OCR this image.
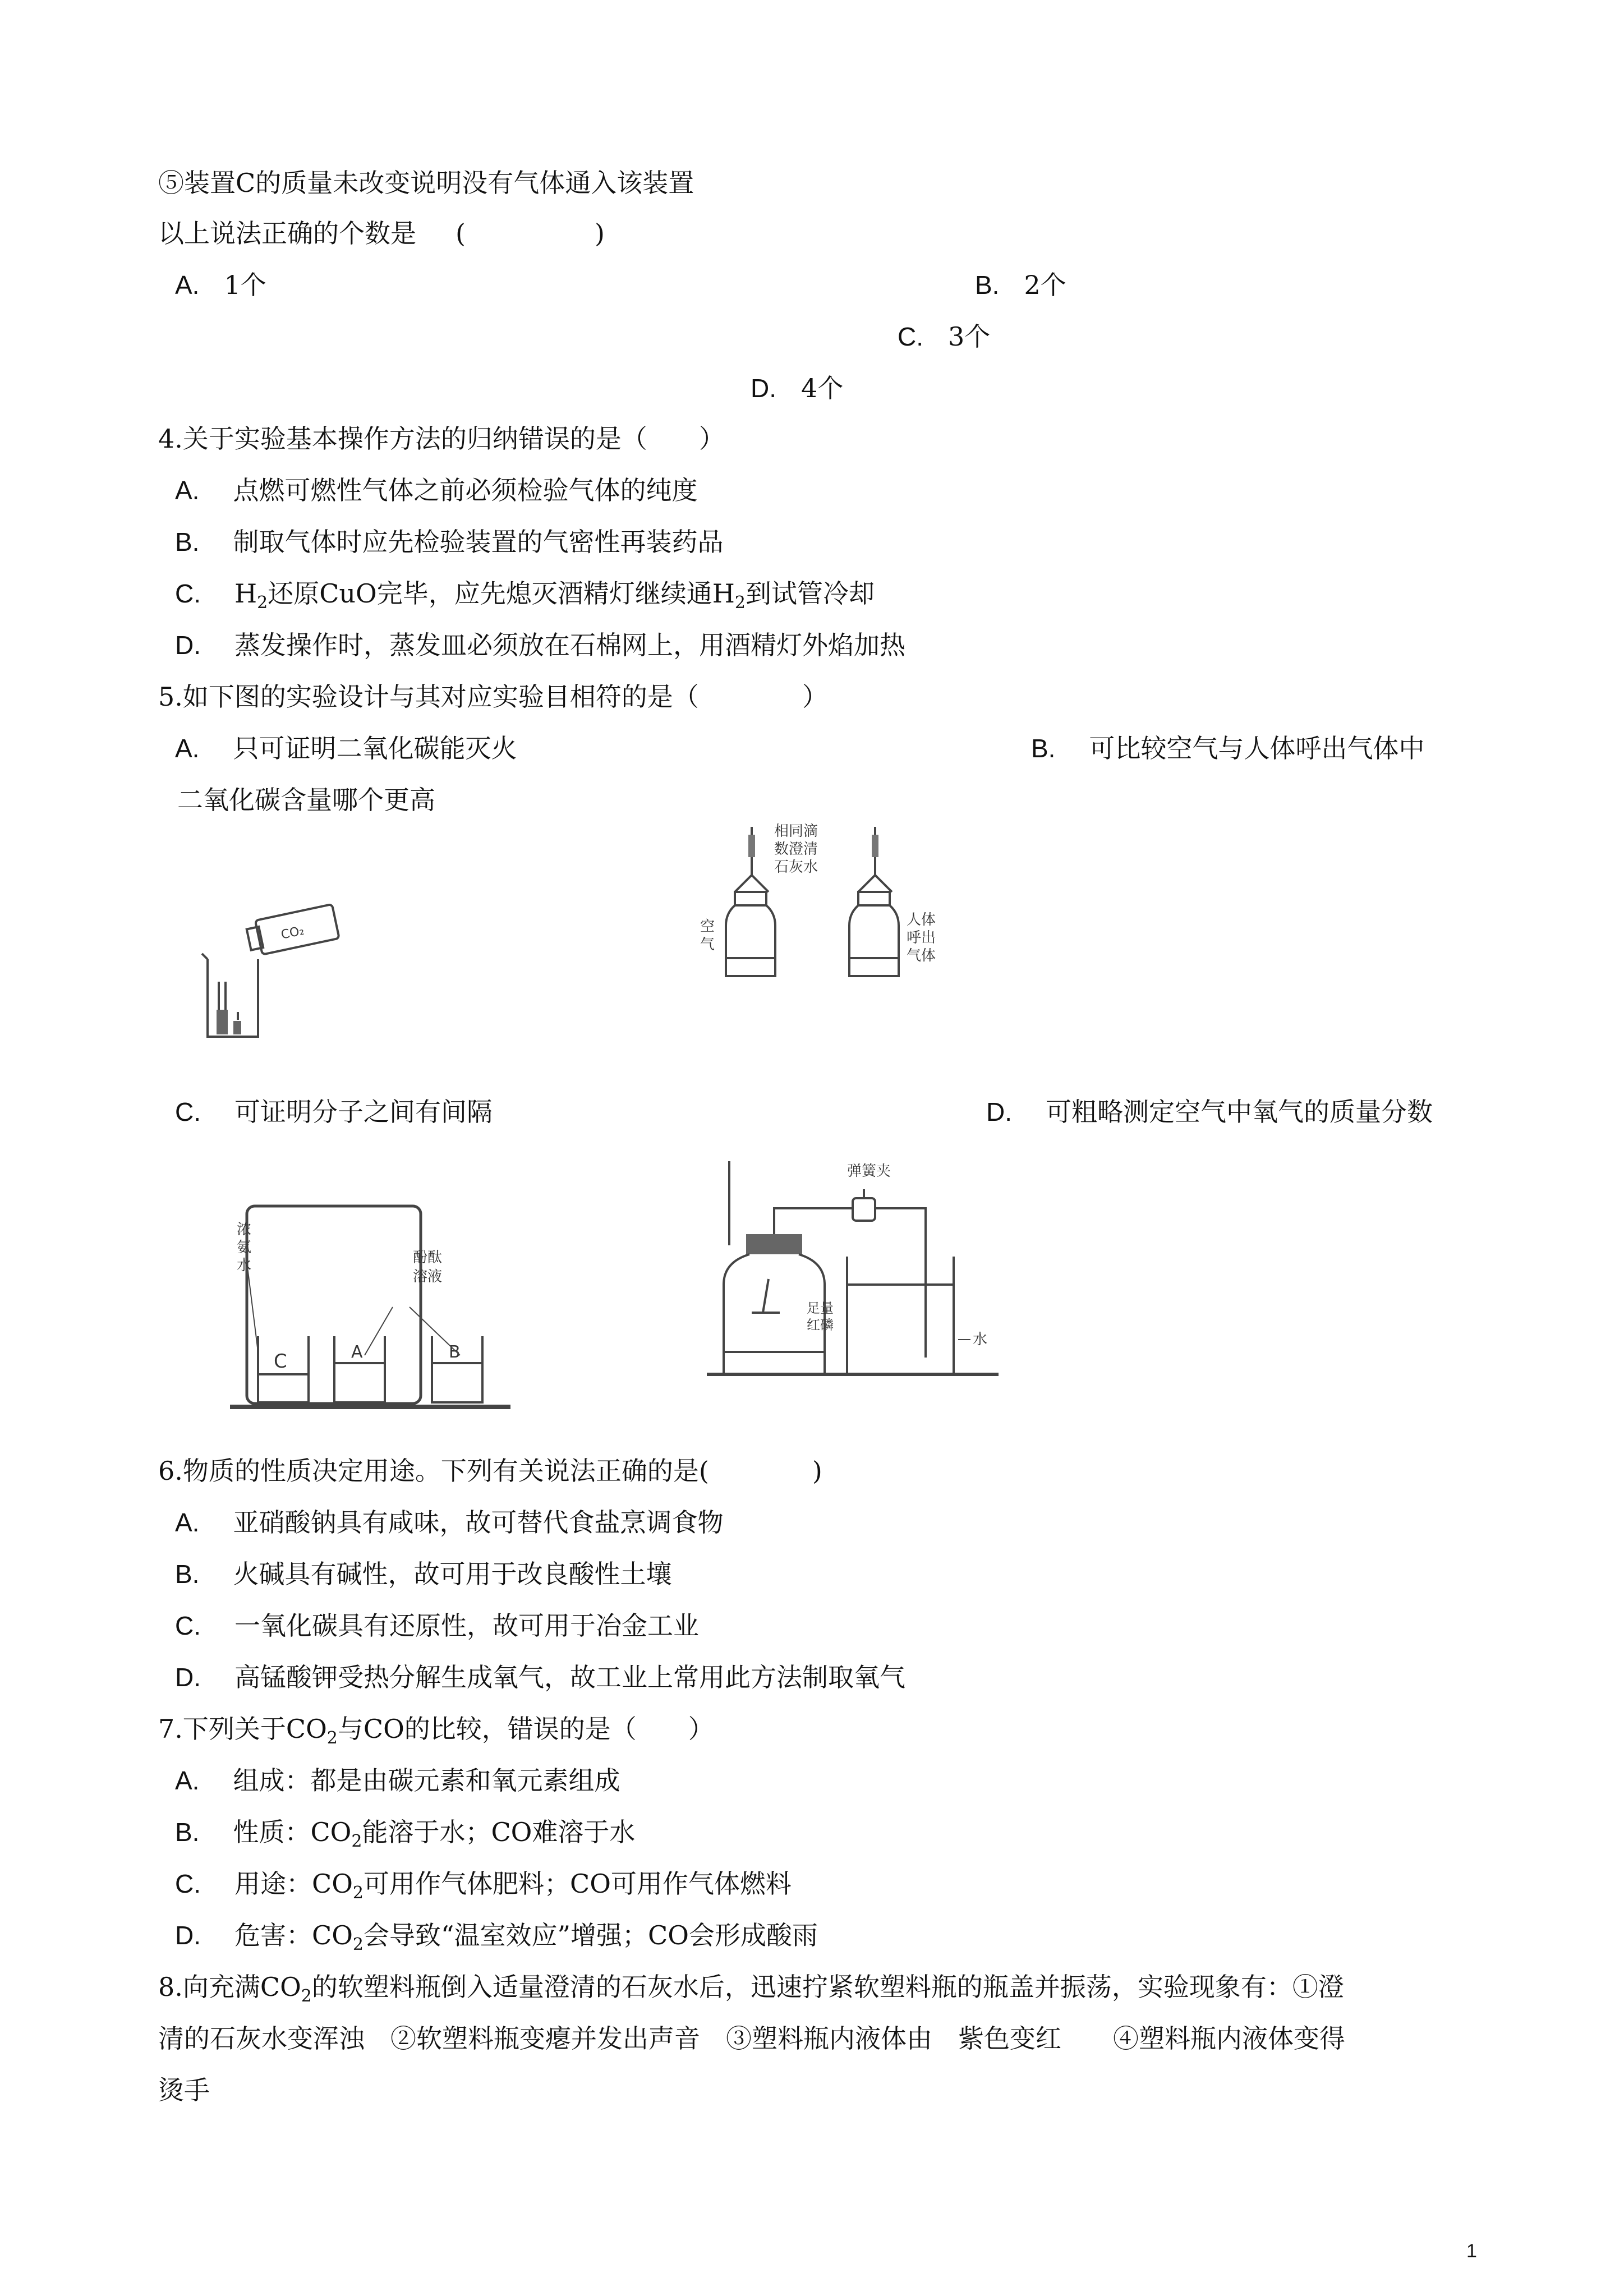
⑤装置C的质量未改变说明没有气体通入该装置
以上说法正确的个数是 (　　　　　)
A. 1个	B. 2个
C. 3个
D. 4个
4.关于实验基本操作方法的归纳错误的是（　　）
A. 点燃可燃性气体之前必须检验气体的纯度
B. 制取气体时应先检验装置的气密性再装药品
C. $H_2$还原CuO完毕，应先熄灭酒精灯继续通$H_2$到试管冷却
D. 蒸发操作时，蒸发皿必须放在石棉网上，用酒精灯外焰加热
5.如下图的实验设计与其对应实验目相符的是（　　　　）
A. 只可证明二氧化碳能灭火	B. 可比较空气与人体呼出气体中
二氧化碳含量哪个更高
CO₂
相同滴
数澄清
石灰水
空
气
人体
呼出
气体
C. 可证明分子之间有间隔	D. 可粗略测定空气中氧气的质量分数
C	A	B
浓
氨
水	酚酞
溶液
弹簧夹
足量
红磷
水
6.物质的性质决定用途。下列有关说法正确的是(　　　　)
A. 亚硝酸钠具有咸味，故可替代食盐烹调食物
B. 火碱具有碱性，故可用于改良酸性土壤
C. 一氧化碳具有还原性，故可用于冶金工业
D. 高锰酸钾受热分解生成氧气，故工业上常用此方法制取氧气
7.下列关于$CO_2$与CO的比较，错误的是（　　）
A. 组成：都是由碳元素和氧元素组成
B. 性质：$CO_2$能溶于水；CO难溶于水
C. 用途：$CO_2$可用作气体肥料；CO可用作气体燃料
D. 危害：$CO_2$会导致“温室效应”增强；CO会形成酸雨
8.向充满$CO_2$的软塑料瓶倒入适量澄清的石灰水后，迅速拧紧软塑料瓶的瓶盖并振荡，实验现象有：①澄
清的石灰水变浑浊　②软塑料瓶变瘪并发出声音　③塑料瓶内液体由　紫色变红　　④塑料瓶内液体变得
烫手
1
